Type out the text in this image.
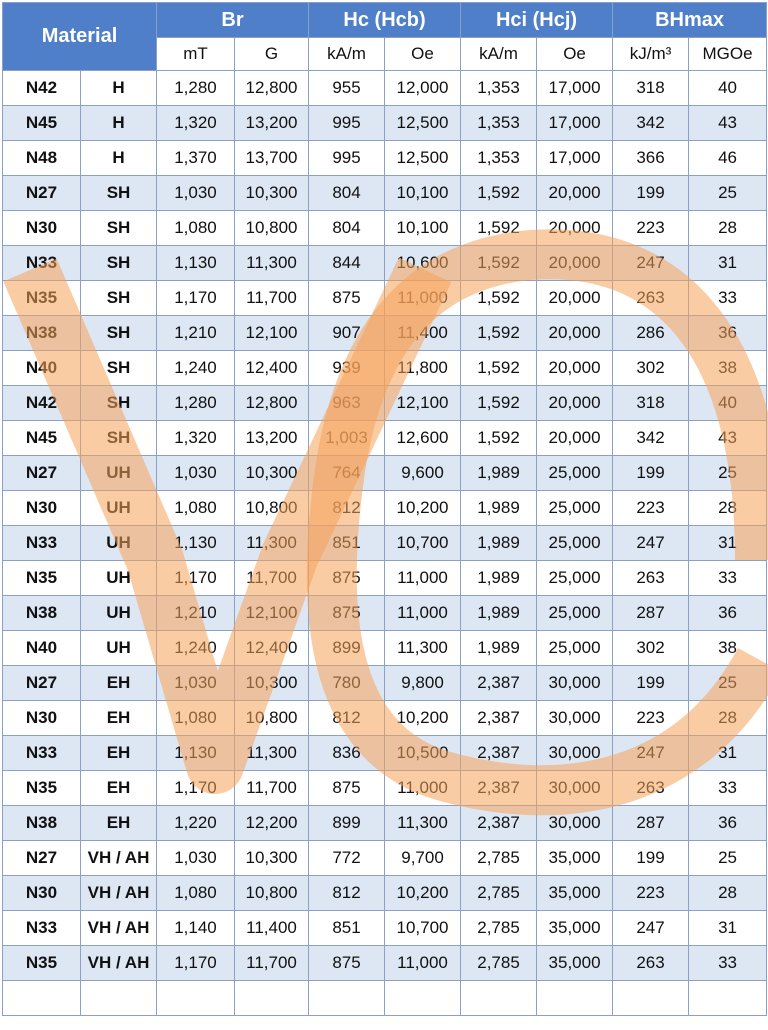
Material		Br		Hc (Hcb)		Hci (Hcj)		BHmax	
		mT	G	kA/m	Oe	kA/m	Oe	kJ/m³	MGOe
N42	H	1,280	12,800	955	12,000	1,353	17,000	318	40
N45	H	1,320	13,200	995	12,500	1,353	17,000	342	43
N48	H	1,370	13,700	995	12,500	1,353	17,000	366	46
N27	SH	1,030	10,300	804	10,100	1,592	20,000	199	25
N30	SH	1,080	10,800	804	10,100	1,592	20,000	223	28
N33	SH	1,130	11,300	844	10,600	1,592	20,000	247	31
N35	SH	1,170	11,700	875	11,000	1,592	20,000	263	33
N38	SH	1,210	12,100	907	11,400	1,592	20,000	286	36
N40	SH	1,240	12,400	939	11,800	1,592	20,000	302	38
N42	SH	1,280	12,800	963	12,100	1,592	20,000	318	40
N45	SH	1,320	13,200	1,003	12,600	1,592	20,000	342	43
N27	UH	1,030	10,300	764	9,600	1,989	25,000	199	25
N30	UH	1,080	10,800	812	10,200	1,989	25,000	223	28
N33	UH	1,130	11,300	851	10,700	1,989	25,000	247	31
N35	UH	1,170	11,700	875	11,000	1,989	25,000	263	33
N38	UH	1,210	12,100	875	11,000	1,989	25,000	287	36
N40	UH	1,240	12,400	899	11,300	1,989	25,000	302	38
N27	EH	1,030	10,300	780	9,800	2,387	30,000	199	25
N30	EH	1,080	10,800	812	10,200	2,387	30,000	223	28
N33	EH	1,130	11,300	836	10,500	2,387	30,000	247	31
N35	EH	1,170	11,700	875	11,000	2,387	30,000	263	33
N38	EH	1,220	12,200	899	11,300	2,387	30,000	287	36
N27	VH / AH	1,030	10,300	772	9,700	2,785	35,000	199	25
N30	VH / AH	1,080	10,800	812	10,200	2,785	35,000	223	28
N33	VH / AH	1,140	11,400	851	10,700	2,785	35,000	247	31
N35	VH / AH	1,170	11,700	875	11,000	2,785	35,000	263	33
